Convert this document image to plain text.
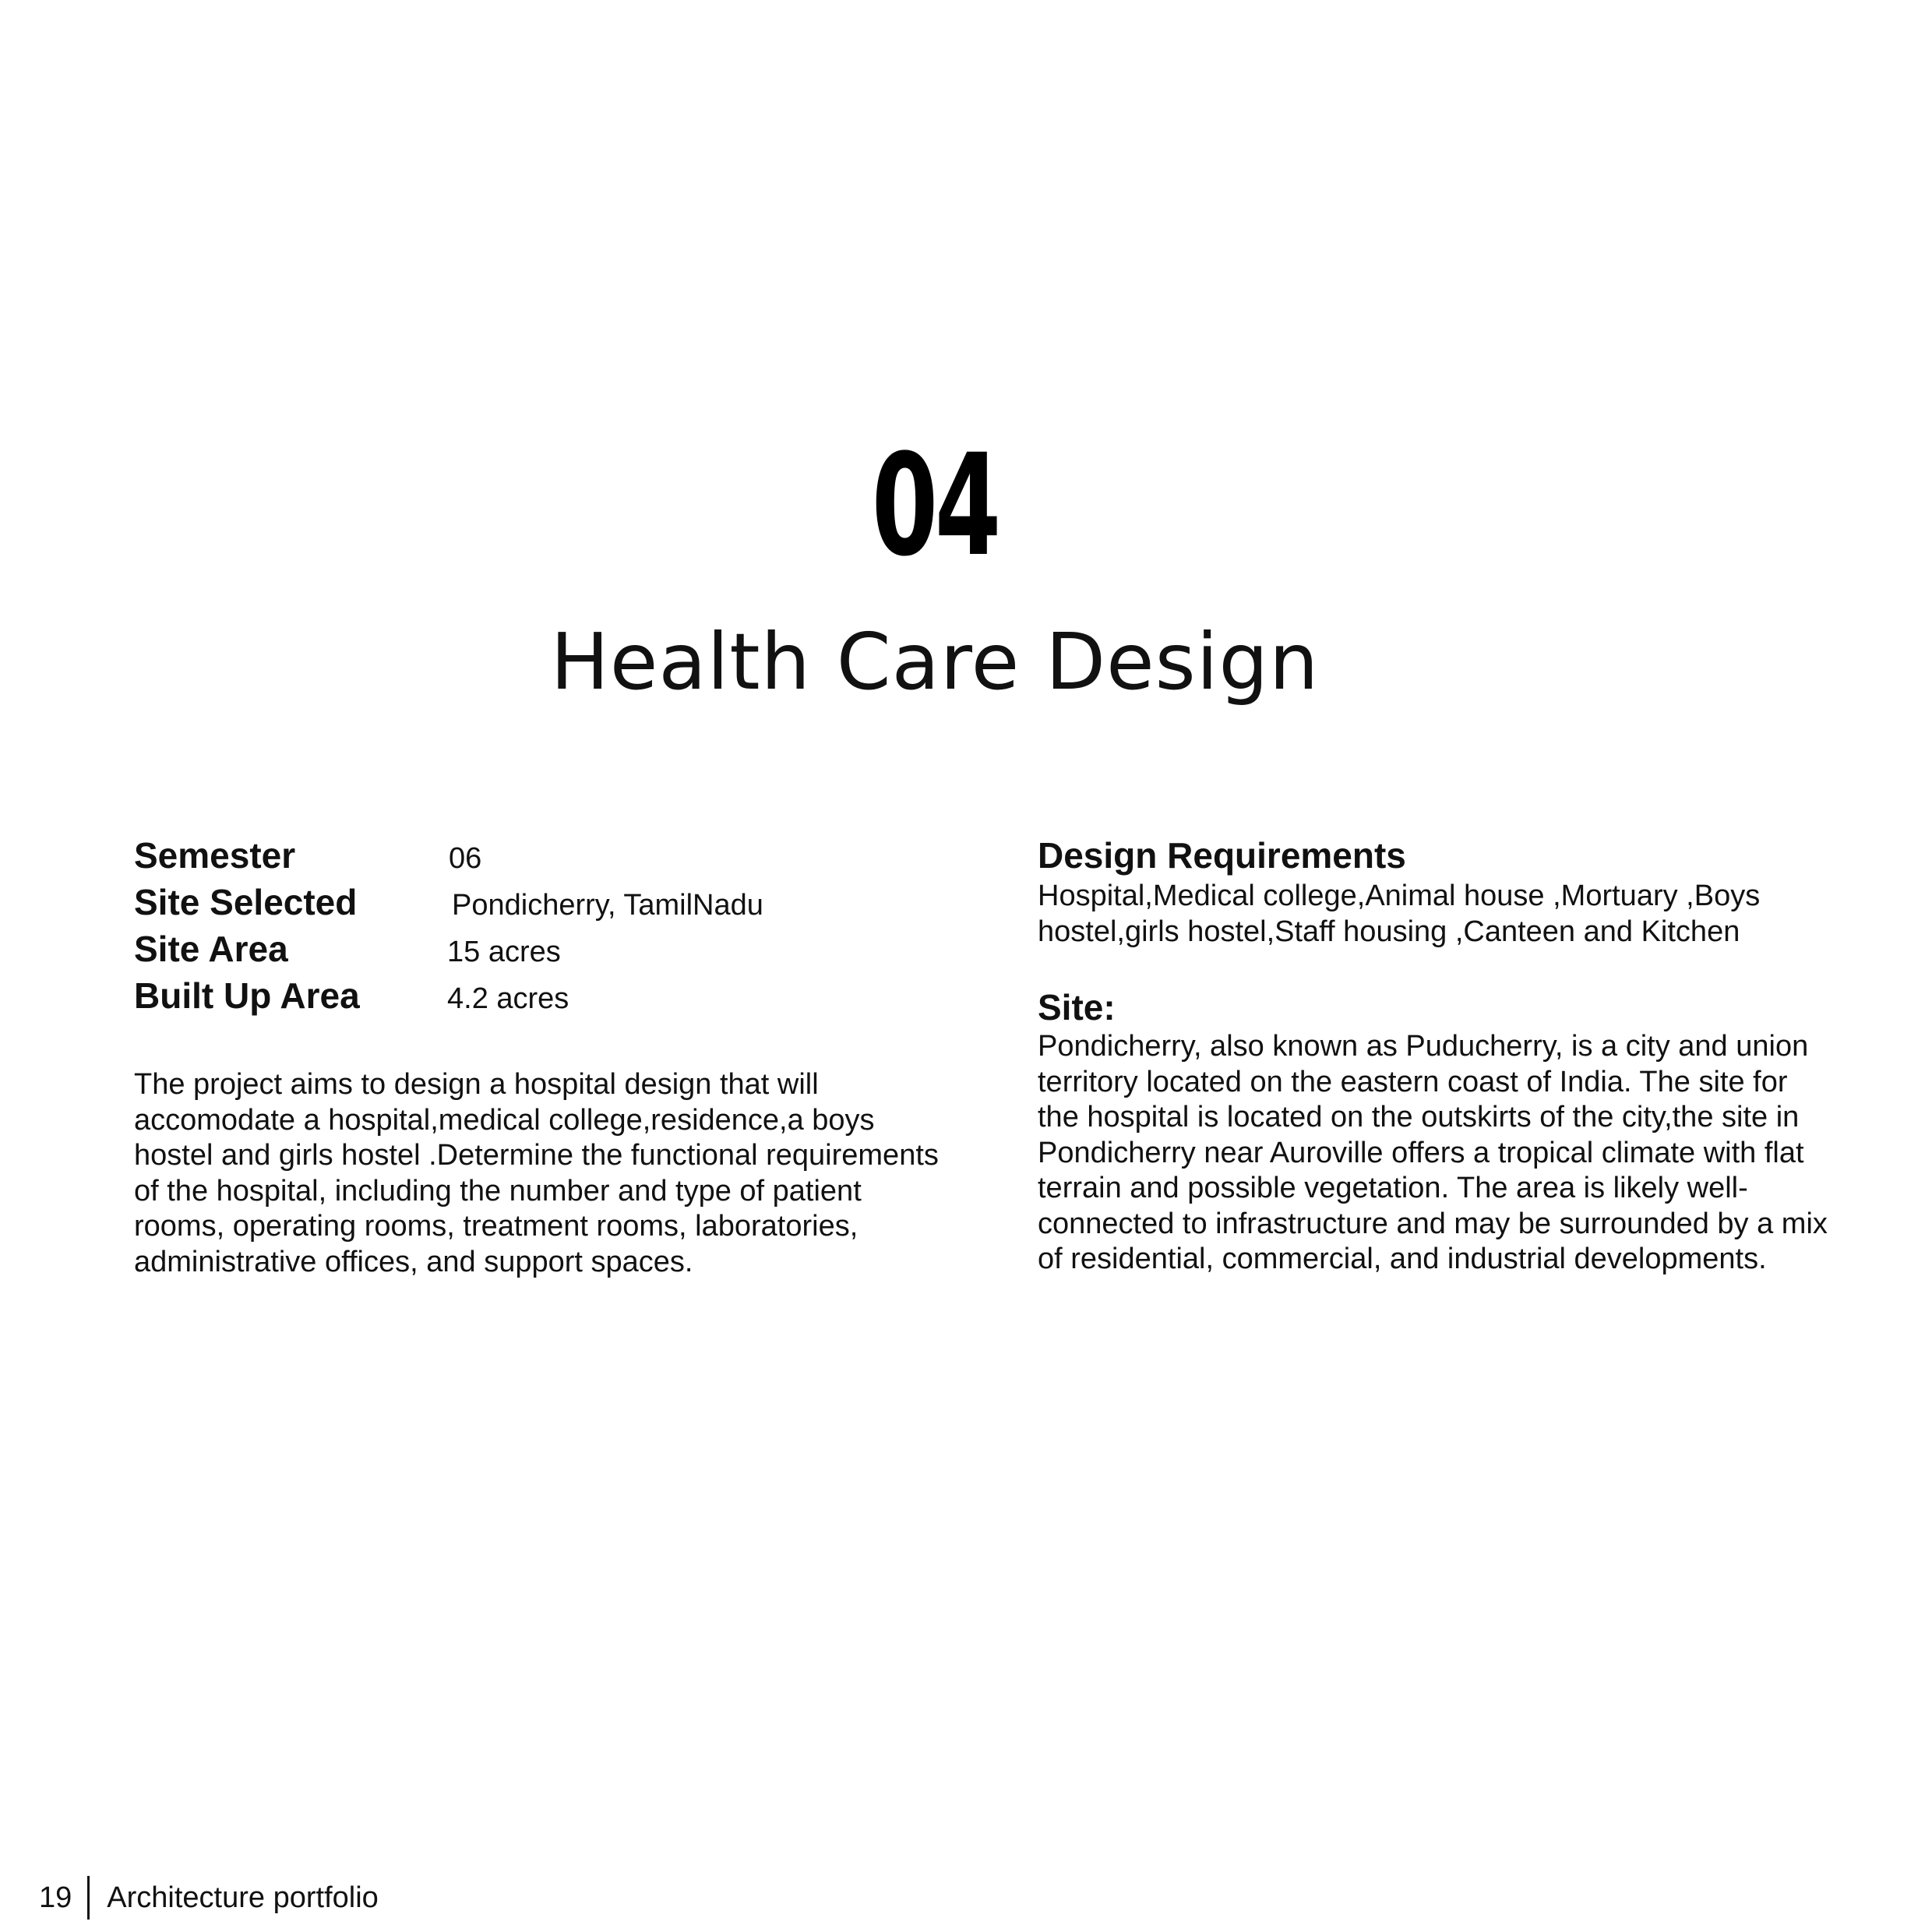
04
Health Care Design
Semester	06
Site Selected	Pondicherry, TamilNadu
Site Area	15 acres
Built Up Area	4.2 acres

The project aims to design a hospital design that will accomodate a hospital,medical college,residence,a boys hostel and girls hostel .Determine the functional requirements of the hospital, including the number and type of patient rooms, operating rooms, treatment rooms, laboratories, administrative offices, and support spaces.

Design Requirements

Hospital,Medical college,Animal house ,Mortuary ,Boys hostel,girls hostel,Staff housing ,Canteen and Kitchen

Site:

Pondicherry, also known as Puducherry, is a city and union territory located on the eastern coast of India. The site for the hospital is located on the outskirts of the city,the site in Pondicherry near Auroville offers a tropical climate with flat terrain and possible vegetation. The area is likely well-connected to infrastructure and may be surrounded by a mix of residential, commercial, and industrial developments.

19 Architecture portfolio
